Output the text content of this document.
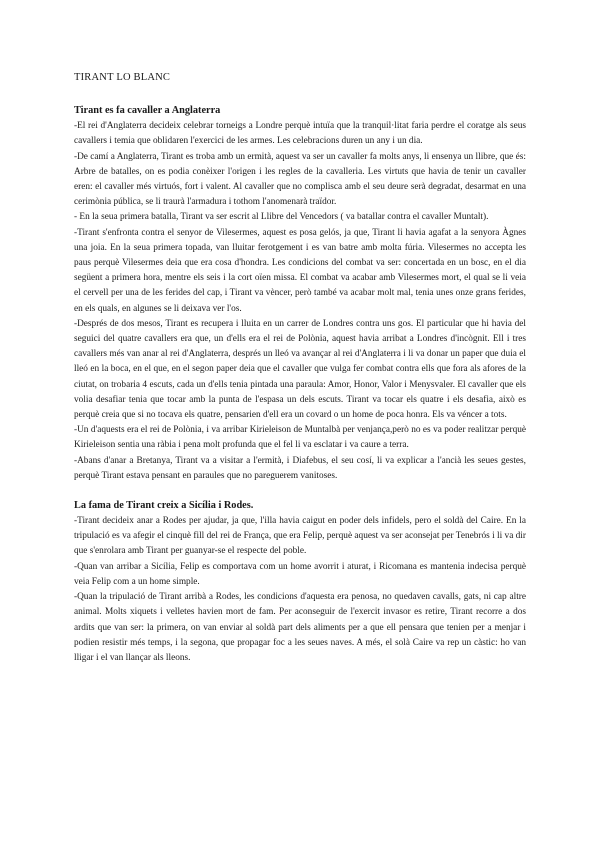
TIRANT LO BLANC
Tirant es fa cavaller a Anglaterra

-El rei d'Anglaterra decideix celebrar torneigs a Londre perquè intuïa que la tranquil·litat faria perdre el coratge als seus cavallers i temia que oblidaren l'exercici de les armes. Les celebracions duren un any i un dia.

-De camí a Anglaterra, Tirant es troba amb un ermità, aquest va ser un cavaller fa molts anys, li ensenya un llibre, que és: Arbre de batalles, on es podia conèixer l'origen i les regles de la cavalleria. Les virtuts que havia de tenir un cavaller eren: el cavaller més virtuós, fort i valent. Al cavaller que no complisca amb el seu deure serà degradat, desarmat en una cerimònia pública, se li traurà l'armadura i tothom l'anomenarà traïdor.

- En la seua primera batalla, Tirant va ser escrit al Llibre del Vencedors ( va batallar contra el cavaller Muntalt).

-Tirant s'enfronta contra el senyor de Vilesermes, aquest es posa gelós, ja que, Tirant li havia agafat a la senyora Àgnes una joia. En la seua primera topada, van lluitar ferotgement i es van batre amb molta fúria. Vilesermes no accepta les paus perquè Vilesermes deia que era cosa d'hondra. Les condicions del combat va ser: concertada en un bosc, en el dia següent a primera hora, mentre els seis i la cort oïen missa. El combat va acabar amb Vilesermes mort, el qual se li veia el cervell per una de les ferides del cap, i Tirant va vèncer, però també va acabar molt mal, tenia unes onze grans ferides, en els quals, en algunes se li deixava ver l'os.

-Després de dos mesos, Tirant es recupera i lluita en un carrer de Londres contra uns gos. El particular que hi havia del seguici del quatre cavallers era que, un d'ells era el rei de Polònia, aquest havia arribat a Londres d'incògnit. Ell i tres cavallers més van anar al rei d'Anglaterra, després un lleó va avançar al rei d'Anglaterra i li va donar un paper que duia el lleó en la boca, en el que, en el segon paper deia que el cavaller que vulga fer combat contra ells que fora als afores de la ciutat, on trobaria 4 escuts, cada un d'ells tenia pintada una paraula: Amor, Honor, Valor i Menysvaler. El cavaller que els volia desafiar tenia que tocar amb la punta de l'espasa un dels escuts. Tirant va tocar els quatre i els desafia, això es perquè creia que si no tocava els quatre, pensarien d'ell era un covard o un home de poca honra. Els va véncer a tots.

-Un d'aquests era el rei de Polònia, i va arribar Kirieleison de Muntalbà per venjança,però no es va poder realitzar perquè Kirieleison sentia una ràbia i pena molt profunda que el fel li va esclatar i va caure a terra.

-Abans d'anar a Bretanya, Tirant va a visitar a l'ermità, i Diafebus, el seu cosí, li va explicar a l'ancià les seues gestes, perquè Tirant estava pensant en paraules que no pareguerem vanitoses.

La fama de Tirant creix a Sicília i Rodes.

-Tirant decideix anar a Rodes per ajudar, ja que, l'illa havia caigut en poder dels infidels, pero el soldà del Caire. En la tripulació es va afegir el cinquè fill del rei de França, que era Felip, perquè aquest va ser aconsejat per Tenebrós i li va dir que s'enrolara amb Tirant per guanyar-se el respecte del poble.

-Quan van arribar a Sicília, Felip es comportava com un home avorrit i aturat, i Ricomana es mantenia indecisa perquè veia Felip com a un home simple.

-Quan la tripulació de Tirant arribà a Rodes, les condicions d'aquesta era penosa, no quedaven cavalls, gats, ni cap altre animal. Molts xiquets i velletes havien mort de fam. Per aconseguir de l'exercit invasor es retire, Tirant recorre a dos ardits que van ser: la primera, on van enviar al soldà part dels aliments per a que ell pensara que tenien per a menjar i podien resistir més temps, i la segona, que propagar foc a les seues naves. A més, el solà Caire va rep un càstic: ho van lligar i el van llançar als lleons.
